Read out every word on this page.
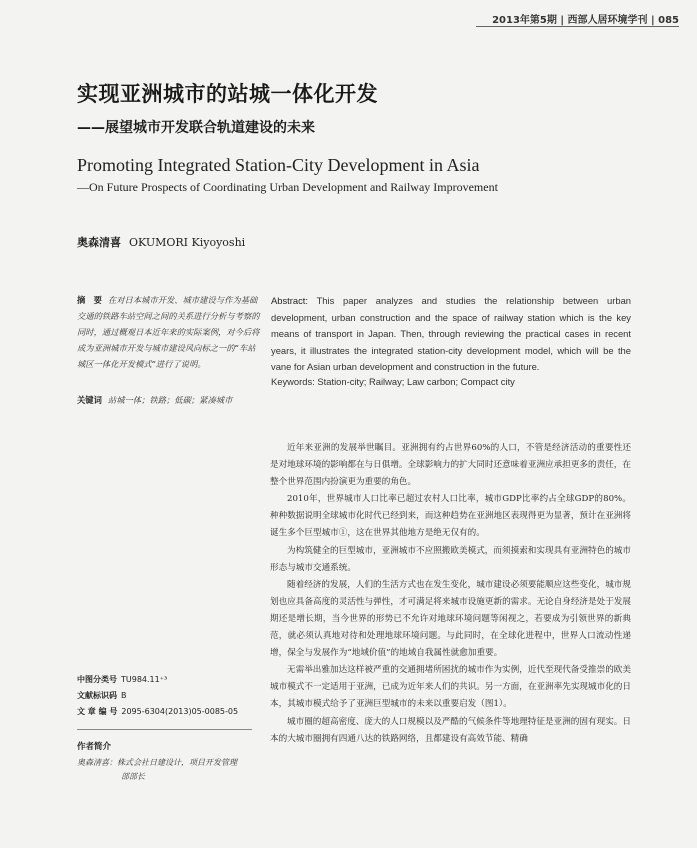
2013年第5期 | 西部人居环境学刊 | 085
实现亚洲城市的站城一体化开发
——展望城市开发联合轨道建设的未来
Promoting Integrated Station-City Development in Asia
—On Future Prospects of Coordinating Urban Development and Railway Improvement
奥森清喜 OKUMORI Kiyoyoshi
摘　要 在对日本城市开发、城市建设与作为基础交通的铁路车站空间之间的关系进行分析与考察的同时，通过概观日本近年来的实际案例，对今后将成为亚洲城市开发与城市建设风向标之一的“车站城区一体化开发模式”进行了说明。
关键词 站城一体；铁路；低碳；紧凑城市
Abstract: This paper analyzes and studies the relationship between urban development, urban construction and the space of railway station which is the key means of transport in Japan. Then, through reviewing the practical cases in recent years, it illustrates the integrated station-city development model, which will be the vane for Asian urban development and construction in the future.
Keywords: Station-city; Railway; Law carbon; Compact city

近年来亚洲的发展举世瞩目。亚洲拥有约占世界60%的人口，不管是经济活动的重要性还是对地球环境的影响都在与日俱增。全球影响力的扩大同时还意味着亚洲应承担更多的责任，在整个世界范围内扮演更为重要的角色。

2010年，世界城市人口比率已超过农村人口比率，城市GDP比率约占全球GDP的80%。种种数据说明全球城市化时代已经到来，而这种趋势在亚洲地区表现得更为显著，预计在亚洲将诞生多个巨型城市①，这在世界其他地方是绝无仅有的。

为构筑健全的巨型城市，亚洲城市不应照搬欧美模式，而须摸索和实现具有亚洲特色的城市形态与城市交通系统。

随着经济的发展，人们的生活方式也在发生变化，城市建设必须要能顺应这些变化，城市规划也应具备高度的灵活性与弹性，才可满足将来城市设施更新的需求。无论自身经济是处于发展期还是增长期，当今世界的形势已不允许对地球环境问题等闲视之，若要成为引领世界的新典范，就必须认真地对待和处理地球环境问题。与此同时，在全球化进程中，世界人口流动性递增，保全与发展作为“地域价值”的地域自我属性就愈加重要。

无需举出雅加达这样被严重的交通拥堵所困扰的城市作为实例，近代至现代备受推崇的欧美城市模式不一定适用于亚洲，已成为近年来人们的共识。另一方面，在亚洲率先实现城市化的日本，其城市模式给予了亚洲巨型城市的未来以重要启发（图1）。

城市圈的超高密度、庞大的人口规模以及严酷的气候条件等地理特征是亚洲的固有现实。日本的大城市圈拥有四通八达的铁路网络，且都建设有高效节能、精确

中图分类号 TU984.11⁺³
文献标识码 B
文 章 编 号 2095-6304(2013)05-0085-05
作者简介
奥森清喜：株式会社日建设计，项目开发管理
部部长
